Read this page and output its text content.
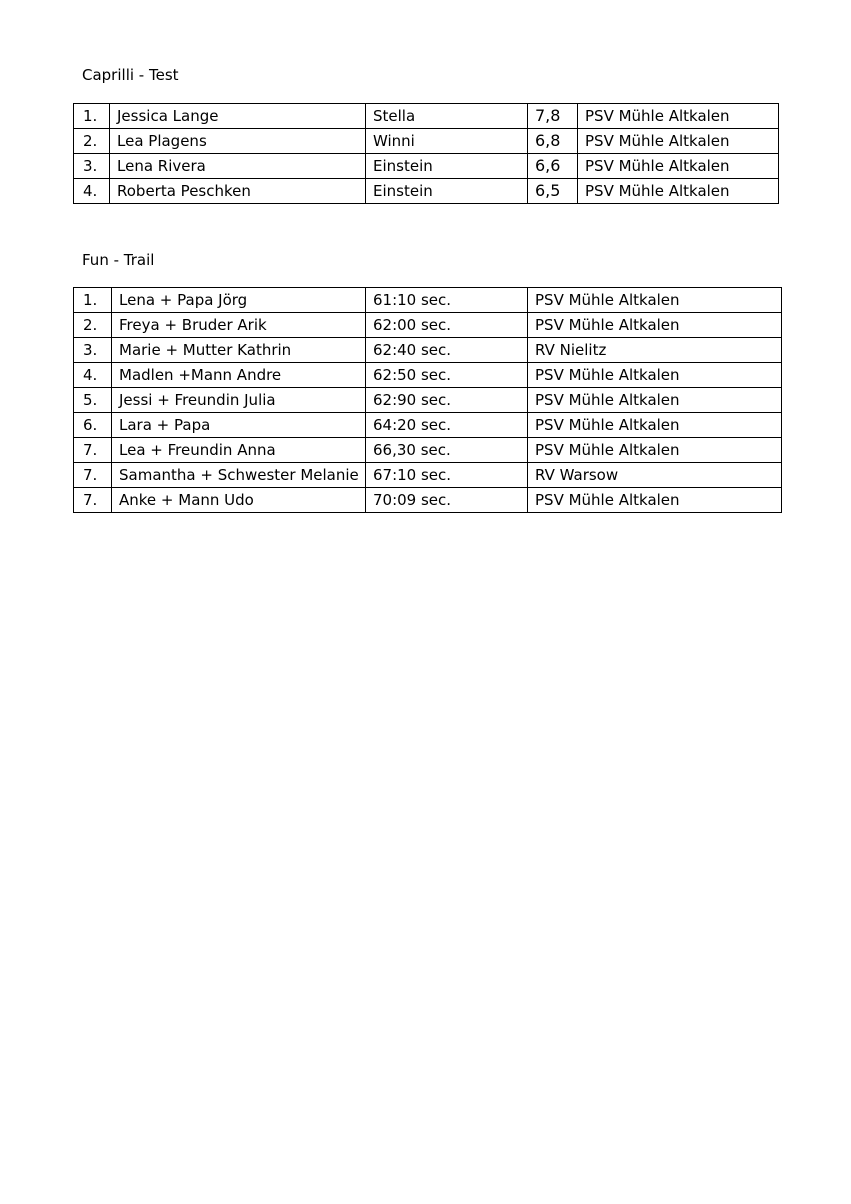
Caprilli - Test
1.	Jessica Lange	Stella	7,8	PSV Mühle Altkalen
2.	Lea Plagens	Winni	6,8	PSV Mühle Altkalen
3.	Lena Rivera	Einstein	6,6	PSV Mühle Altkalen
4.	Roberta Peschken	Einstein	6,5	PSV Mühle Altkalen
Fun - Trail
1.	Lena + Papa Jörg	61:10 sec.	PSV Mühle Altkalen
2.	Freya + Bruder Arik	62:00 sec.	PSV Mühle Altkalen
3.	Marie + Mutter Kathrin	62:40 sec.	RV Nielitz
4.	Madlen +Mann Andre	62:50 sec.	PSV Mühle Altkalen
5.	Jessi + Freundin Julia	62:90 sec.	PSV Mühle Altkalen
6.	Lara + Papa	64:20 sec.	PSV Mühle Altkalen
7.	Lea + Freundin Anna	66,30 sec.	PSV Mühle Altkalen
7.	Samantha + Schwester Melanie	67:10 sec.	RV Warsow
7.	Anke + Mann Udo	70:09 sec.	PSV Mühle Altkalen
